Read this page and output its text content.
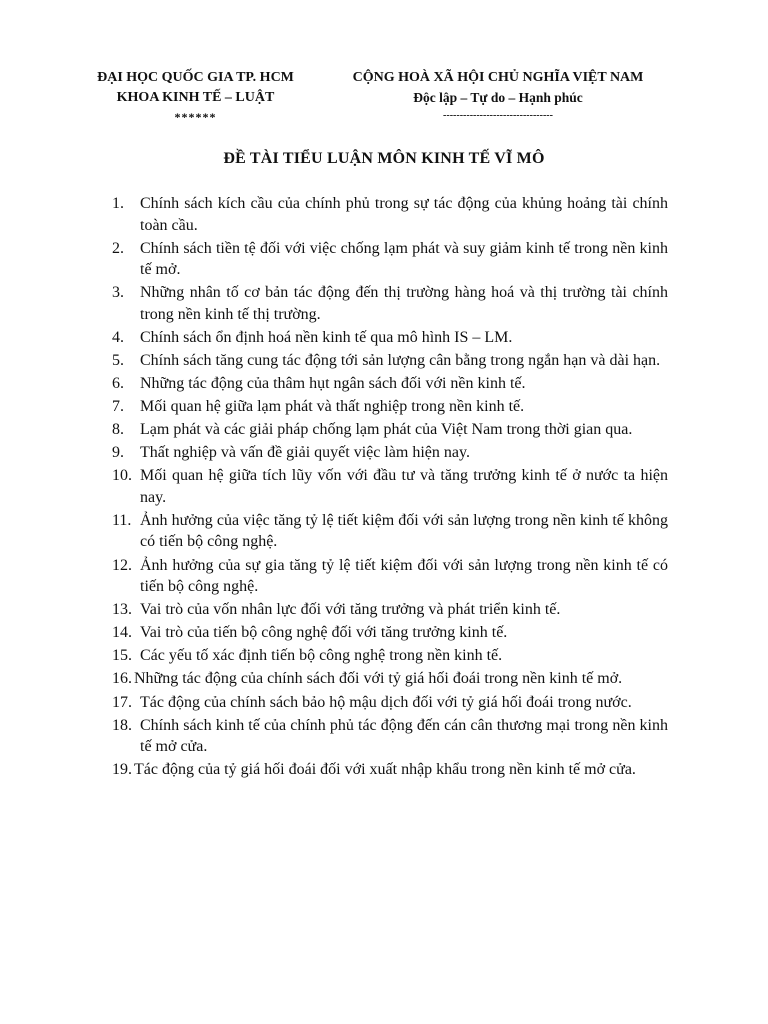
ĐẠI HỌC QUỐC GIA TP. HCM
KHOA KINH TẾ – LUẬT
******
CỘNG HOÀ XÃ HỘI CHỦ NGHĨA VIỆT NAM
Độc lập – Tự do – Hạnh phúc
---------------------------------
ĐỀ TÀI TIỂU LUẬN MÔN KINH TẾ VĨ MÔ
1.	Chính sách kích cầu của chính phủ trong sự tác động của khủng hoảng tài chính toàn cầu.
2.	Chính sách tiền tệ đối với việc chống lạm phát và suy giảm kinh tế trong nền kinh tế mở.
3.	Những nhân tố cơ bản tác động đến thị trường hàng hoá và thị trường tài chính trong nền kinh tế thị trường.
4.	Chính sách ổn định hoá nền kinh tế qua mô hình IS – LM.
5.	Chính sách tăng cung tác động tới sản lượng cân bằng trong ngắn hạn và dài hạn.
6.	Những tác động của thâm hụt ngân sách đối với nền kinh tế.
7.	Mối quan hệ giữa lạm phát và thất nghiệp trong nền kinh tế.
8.	Lạm phát và các giải pháp chống lạm phát của Việt Nam trong thời gian qua.
9.	Thất nghiệp và vấn đề giải quyết việc làm hiện nay.
10. Mối quan hệ giữa tích lũy vốn với đầu tư và tăng trưởng kinh tế ở nước ta hiện nay.
11. Ảnh hưởng của việc tăng tỷ lệ tiết kiệm đối với sản lượng trong nền kinh tế không có tiến bộ công nghệ.
12. Ảnh hưởng của sự gia tăng tỷ lệ tiết kiệm đối với sản lượng trong nền kinh tế có tiến bộ công nghệ.
13. Vai trò của vốn nhân lực đối với tăng trưởng và phát triển kinh tế.
14. Vai trò của tiến bộ công nghệ đối với tăng trưởng kinh tế.
15. Các yếu tố xác định tiến bộ công nghệ trong nền kinh tế.
16. Những tác động của chính sách đối với tỷ giá hối đoái trong nền kinh tế mở.
17. Tác động của chính sách bảo hộ mậu dịch đối với tỷ giá hối đoái trong nước.
18. Chính sách kinh tế của chính phủ tác động đến cán cân thương mại trong nền kinh tế mở cửa.
19. Tác động của tỷ giá hối đoái đối với xuất nhập khẩu trong nền kinh tế mở cửa.
